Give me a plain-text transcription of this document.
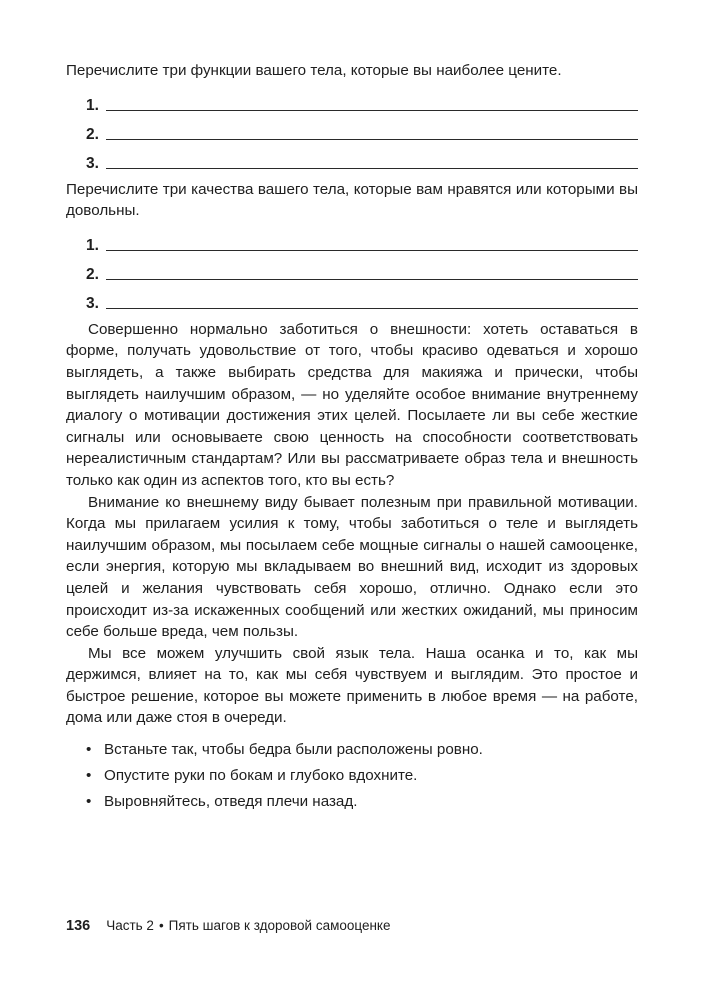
Перечислите три функции вашего тела, которые вы наиболее цените.

1.
2.
3.

Перечислите три качества вашего тела, которые вам нравятся или которыми вы довольны.

1.
2.
3.

Совершенно нормально заботиться о внешности: хотеть оставаться в форме, получать удовольствие от того, чтобы красиво одеваться и хорошо выглядеть, а также выбирать средства для макияжа и прически, чтобы выглядеть наилучшим образом, — но уделяйте особое внимание внутреннему диалогу о мотивации достижения этих целей. Посылаете ли вы себе жесткие сигналы или основываете свою ценность на способности соответствовать нереалистичным стандартам? Или вы рассматриваете образ тела и внешность только как один из аспектов того, кто вы есть?

Внимание ко внешнему виду бывает полезным при правильной мотивации. Когда мы прилагаем усилия к тому, чтобы заботиться о теле и выглядеть наилучшим образом, мы посылаем себе мощные сигналы о нашей самооценке, если энергия, которую мы вкладываем во внешний вид, исходит из здоровых целей и желания чувствовать себя хорошо, отлично. Однако если это происходит из-за искаженных сообщений или жестких ожиданий, мы приносим себе больше вреда, чем пользы.

Мы все можем улучшить свой язык тела. Наша осанка и то, как мы держимся, влияет на то, как мы себя чувствуем и выглядим. Это простое и быстрое решение, которое вы можете применить в любое время — на работе, дома или даже стоя в очереди.

• Встаньте так, чтобы бедра были расположены ровно.
• Опустите руки по бокам и глубоко вдохните.
• Выровняйтесь, отведя плечи назад.
136 Часть 2 • Пять шагов к здоровой самооценке
